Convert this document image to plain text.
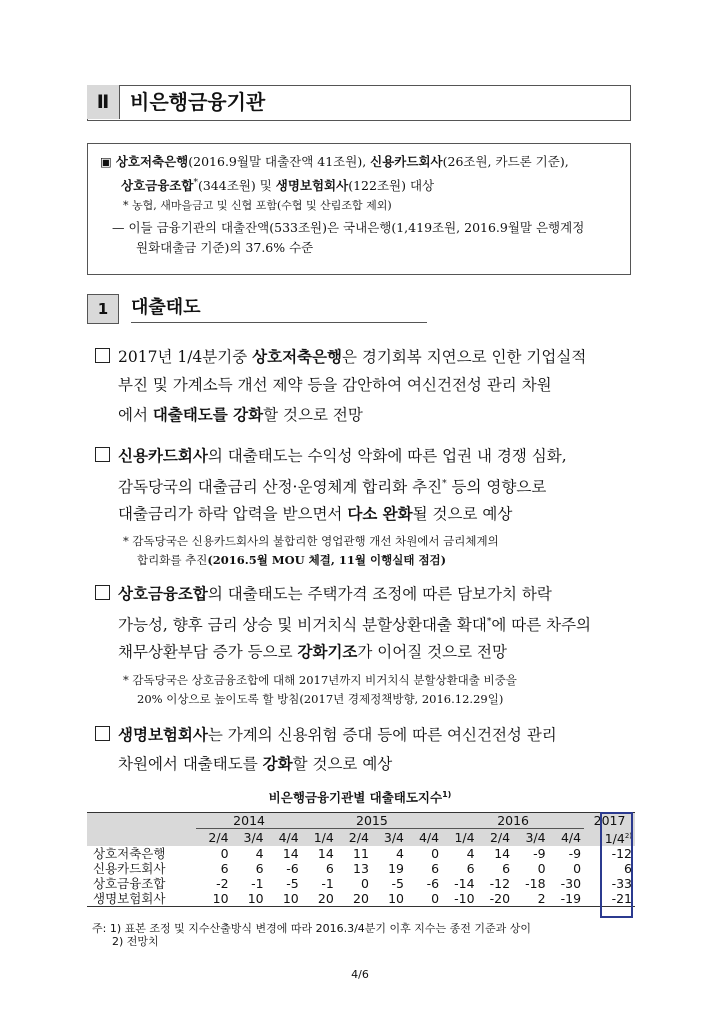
Ⅱ	비은행금융기관
▣ 상호저축은행(2016.9월말 대출잔액 41조원), 신용카드회사(26조원, 카드론 기준),
상호금융조합*(344조원) 및 생명보험회사(122조원) 대상
* 농협, 새마을금고 및 신협 포함(수협 및 산림조합 제외)
— 이들 금융기관의 대출잔액(533조원)은 국내은행(1,419조원, 2016.9월말 은행계정
원화대출금 기준)의 37.6% 수준
1	대출태도
2017년 1/4분기중 상호저축은행은 경기회복 지연으로 인한 기업실적
부진 및 가계소득 개선 제약 등을 감안하여 여신건전성 관리 차원
에서 대출태도를 강화할 것으로 전망
신용카드회사의 대출태도는 수익성 악화에 따른 업권 내 경쟁 심화,
감독당국의 대출금리 산정·운영체계 합리화 추진* 등의 영향으로
대출금리가 하락 압력을 받으면서 다소 완화될 것으로 예상
* 감독당국은 신용카드회사의 불합리한 영업관행 개선 차원에서 금리체계의
합리화를 추진(2016.5월 MOU 체결, 11월 이행실태 점검)
상호금융조합의 대출태도는 주택가격 조정에 따른 담보가치 하락
가능성, 향후 금리 상승 및 비거치식 분할상환대출 확대*에 따른 차주의
채무상환부담 증가 등으로 강화기조가 이어질 것으로 전망
* 감독당국은 상호금융조합에 대해 2017년까지 비거치식 분할상환대출 비중을
20% 이상으로 높이도록 할 방침(2017년 경제정책방향, 2016.12.29일)
생명보험회사는 가계의 신용위험 증대 등에 따른 여신건전성 관리
차원에서 대출태도를 강화할 것으로 예상
비은행금융기관별 대출태도지수$^{1)}$
	2014			2015				2016				2017
	2/4	3/4	4/4	1/4	2/4	3/4	4/4	1/4	2/4	3/4	4/4	1/4$^{2)}$
상호저축은행	0	4	14	14	11	4	0	4	14	-9	-9	-12
신용카드회사	6	6	-6	6	13	19	6	6	6	0	0	6
상호금융조합	-2	-1	-5	-1	0	-5	-6	-14	-12	-18	-30	-33
생명보험회사	10	10	10	20	20	10	0	-10	-20	2	-19	-21
주: 1) 표본 조정 및 지수산출방식 변경에 따라 2016.3/4분기 이후 지수는 종전 기준과 상이
2) 전망치
4/6
